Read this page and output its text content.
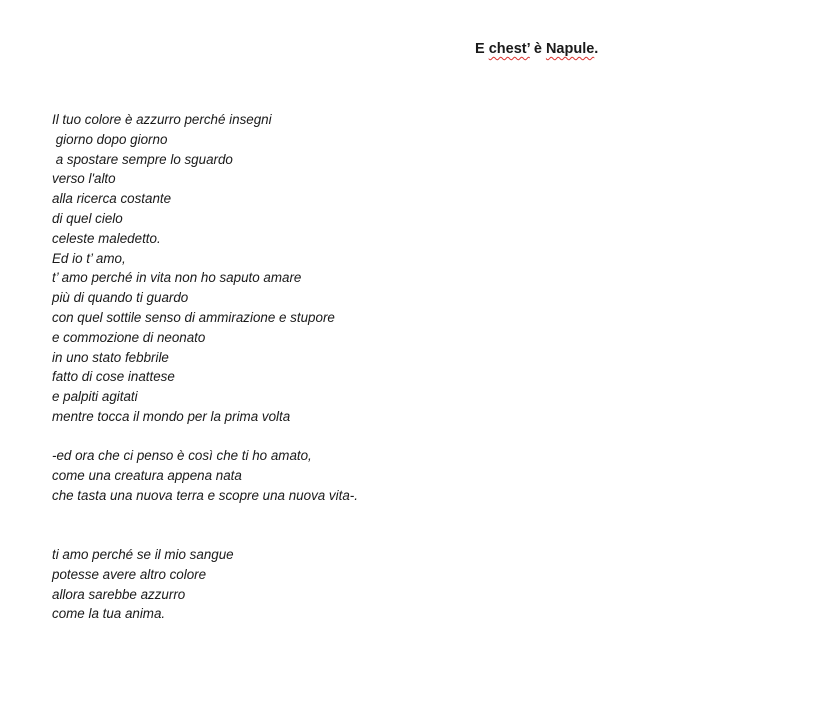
E chest’ è Napule.
Il tuo colore è azzurro perché insegni
giorno dopo giorno
a spostare sempre lo sguardo
verso l'alto
alla ricerca costante
di quel cielo
celeste maledetto.
Ed io t’ amo,
t’ amo perché in vita non ho saputo amare
più di quando ti guardo
con quel sottile senso di ammirazione e stupore
e commozione di neonato
in uno stato febbrile
fatto di cose inattese
e palpiti agitati
mentre tocca il mondo per la prima volta
-ed ora che ci penso è così che ti ho amato,
come una creatura appena nata
che tasta una nuova terra e scopre una nuova vita-.
ti amo perché se il mio sangue
potesse avere altro colore
allora sarebbe azzurro
come la tua anima.
